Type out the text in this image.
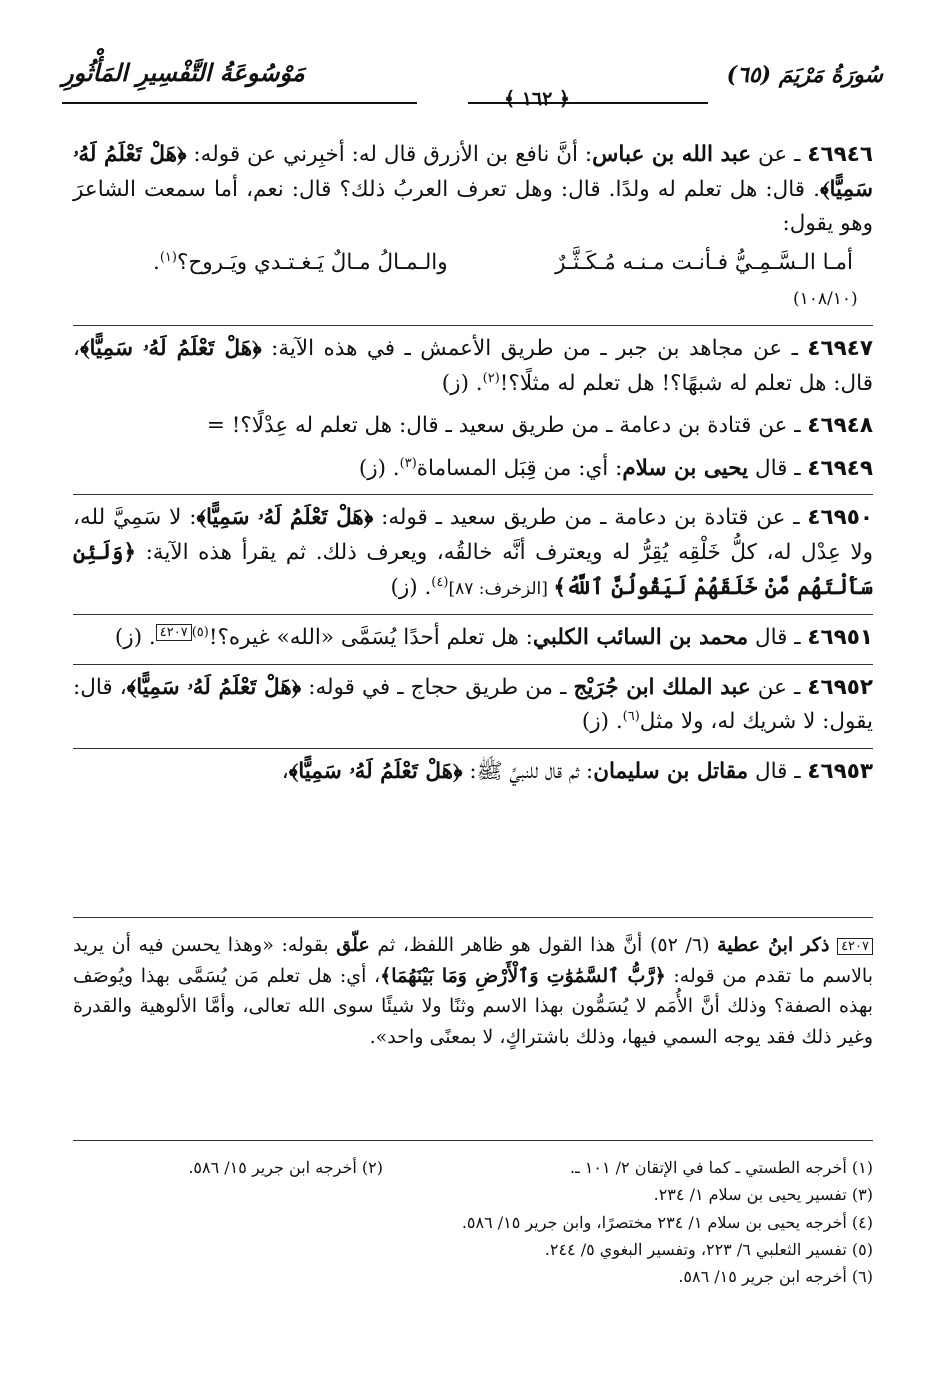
سُورَةُ مَرْيَمَ (٦٥)
﴿ ١٦٢ ﴾
مَوْسُوعَةُ التَّفْسِيرِ المَأْثُورِ
٤٦٩٤٦ ـ عن عبد الله بن عباس: أنَّ نافع بن الأزرق قال له: أخبِرني عن قوله: ﴿هَلْ تَعْلَمُ لَهُۥ سَمِيًّا﴾. قال: هل تعلم له ولدًا. قال: وهل تعرف العربُ ذلك؟ قال: نعم، أما سمعت الشاعرَ وهو يقول:
أمـا الـسَّـمِـيُّ فـأنـت مـنـه مُـكَـثَّـرٌ
والـمـالُ مـالٌ يَـغـتـدي ويَـروح؟$^{(١)}$.
(١٠٨/١٠)
٤٦٩٤٧ ـ عن مجاهد بن جبر ـ من طريق الأعمش ـ في هذه الآية: ﴿هَلْ تَعْلَمُ لَهُۥ سَمِيًّا﴾، قال: هل تعلم له شبهًا؟! هل تعلم له مثلًا؟!$^{(٢)}$. (ز)
٤٦٩٤٨ ـ عن قتادة بن دعامة ـ من طريق سعيد ـ قال: هل تعلم له عِدْلًا؟! =
٤٦٩٤٩ ـ قال يحيى بن سلام: أي: من قِبَل المساماة$^{(٣)}$. (ز)
٤٦٩٥٠ ـ عن قتادة بن دعامة ـ من طريق سعيد ـ قوله: ﴿هَلْ تَعْلَمُ لَهُۥ سَمِيًّا﴾: لا سَمِيَّ لله، ولا عِدْل له، كلُّ خَلْقِه يُقِرُّ له ويعترف أنَّه خالقُه، ويعرف ذلك. ثم يقرأ هذه الآية: ﴿وَلَئِن سَأَلْتَهُم مَّنْ خَلَقَهُمْ لَيَقُولُنَّ ٱللَّهُ﴾ [الزخرف: ٨٧]$^{(٤)}$. (ز)
٤٦٩٥١ ـ قال محمد بن السائب الكلبي: هل تعلم أحدًا يُسَمَّى «الله» غيره؟!$^{(٥)}$٤٢٠٧. (ز)
٤٦٩٥٢ ـ عن عبد الملك ابن جُرَيْج ـ من طريق حجاج ـ في قوله: ﴿هَلْ تَعْلَمُ لَهُۥ سَمِيًّا﴾، قال: يقول: لا شريك له، ولا مثل$^{(٦)}$. (ز)
٤٦٩٥٣ ـ قال مقاتل بن سليمان: ثم قال للنبيِّ ﷺ: ﴿هَلْ تَعْلَمُ لَهُۥ سَمِيًّا﴾،
٤٢٠٧ ذكر ابنُ عطية (٦/ ٥٢) أنَّ هذا القول هو ظاهر اللفظ، ثم علّق بقوله: «وهذا يحسن فيه أن يريد بالاسم ما تقدم من قوله: ﴿رَّبُّ ٱلسَّمَٰوَٰتِ وَٱلْأَرْضِ وَمَا بَيْنَهُمَا﴾، أي: هل تعلم مَن يُسَمَّى بهذا ويُوصَف بهذه الصفة؟ وذلك أنَّ الأُمَم لا يُسَمُّون بهذا الاسم وثنًا ولا شيئًا سوى الله تعالى، وأمَّا الألوهية والقدرة وغير ذلك فقد يوجه السمي فيها، وذلك باشتراكٍ، لا بمعنًى واحد».
(١) أخرجه الطستي ـ كما في الإتقان ٢/ ١٠١ ـ.
(٢) أخرجه ابن جرير ١٥/ ٥٨٦.
(٣) تفسير يحيى بن سلام ١/ ٢٣٤.
(٤) أخرجه يحيى بن سلام ١/ ٢٣٤ مختصرًا، وابن جرير ١٥/ ٥٨٦.
(٥) تفسير الثعلبي ٦/ ٢٢٣، وتفسير البغوي ٥/ ٢٤٤.
(٦) أخرجه ابن جرير ١٥/ ٥٨٦.
